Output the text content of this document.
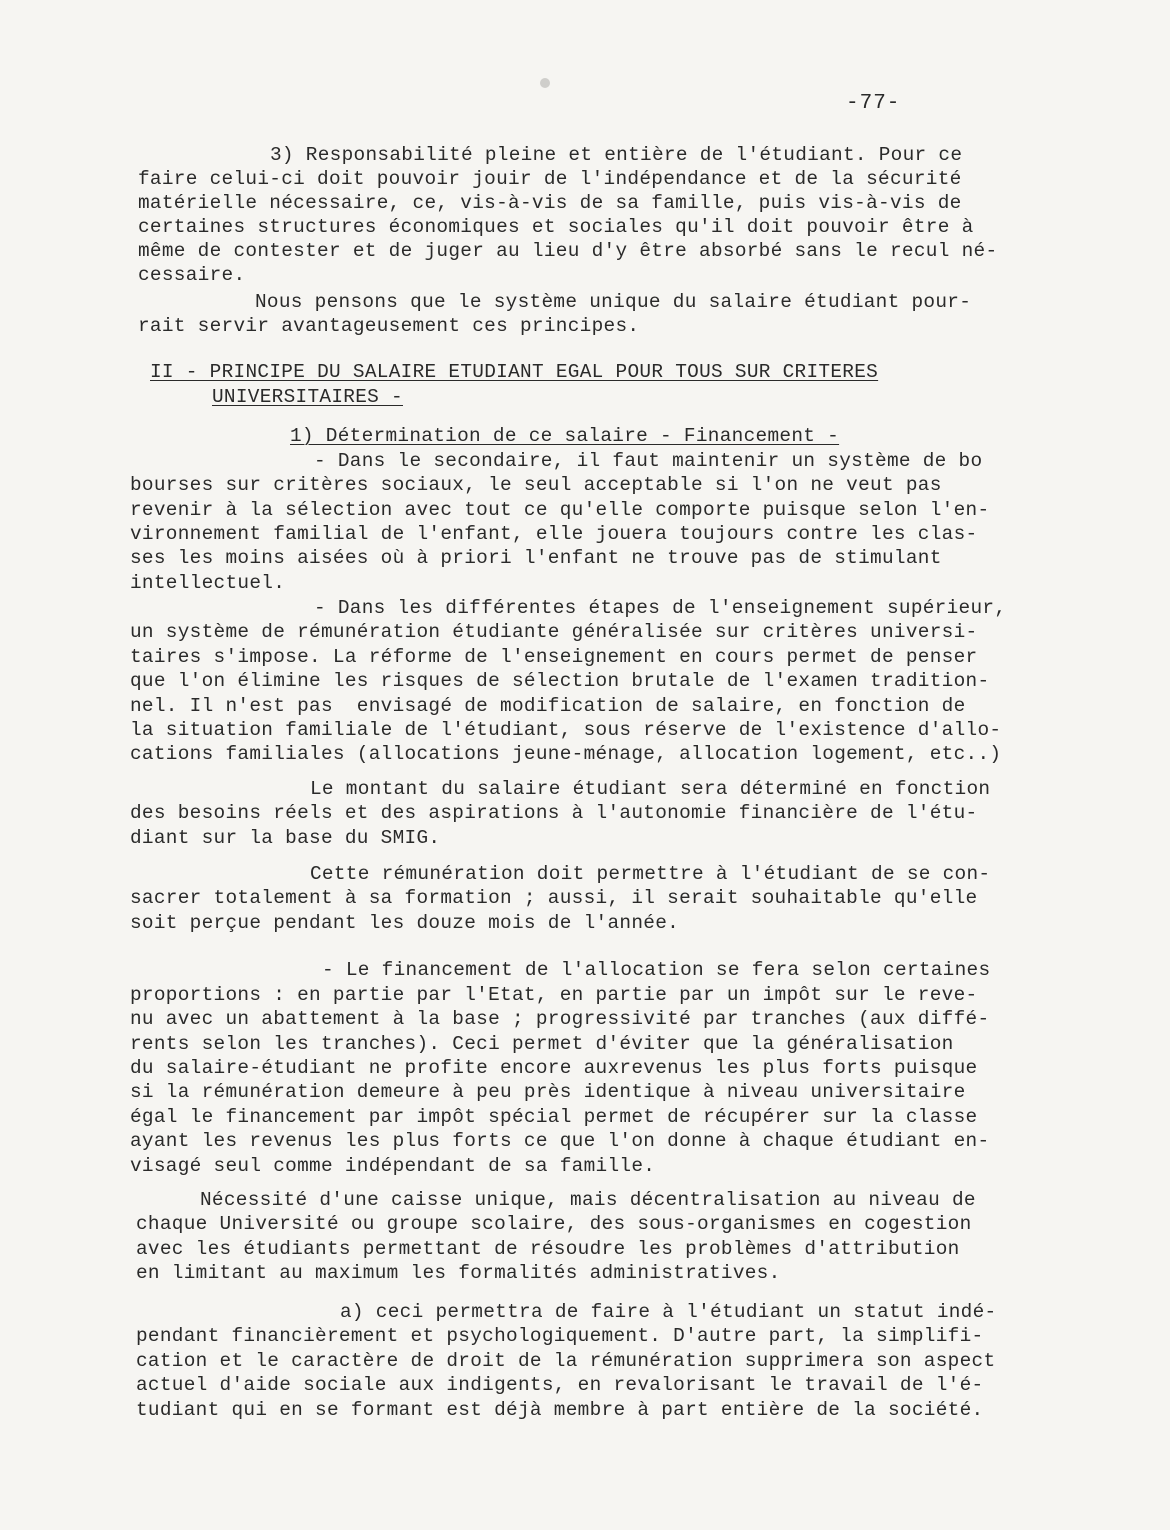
-77-
3) Responsabilité pleine et entière de l'étudiant. Pour ce
faire celui-ci doit pouvoir jouir de l'indépendance et de la sécurité
matérielle nécessaire, ce, vis-à-vis de sa famille, puis vis-à-vis de
certaines structures économiques et sociales qu'il doit pouvoir être à
même de contester et de juger au lieu d'y être absorbé sans le recul né-
cessaire.
Nous pensons que le système unique du salaire étudiant pour-
rait servir avantageusement ces principes.
II - PRINCIPE DU SALAIRE ETUDIANT EGAL POUR TOUS SUR CRITERES
UNIVERSITAIRES -
1) Détermination de ce salaire - Financement -
- Dans le secondaire, il faut maintenir un système de bo
bourses sur critères sociaux, le seul acceptable si l'on ne veut pas
revenir à la sélection avec tout ce qu'elle comporte puisque selon l'en-
vironnement familial de l'enfant, elle jouera toujours contre les clas-
ses les moins aisées où à priori l'enfant ne trouve pas de stimulant
intellectuel.
- Dans les différentes étapes de l'enseignement supérieur,
un système de rémunération étudiante généralisée sur critères universi-
taires s'impose. La réforme de l'enseignement en cours permet de penser
que l'on élimine les risques de sélection brutale de l'examen tradition-
nel. Il n'est pas  envisagé de modification de salaire, en fonction de
la situation familiale de l'étudiant, sous réserve de l'existence d'allo-
cations familiales (allocations jeune-ménage, allocation logement, etc..)
Le montant du salaire étudiant sera déterminé en fonction
des besoins réels et des aspirations à l'autonomie financière de l'étu-
diant sur la base du SMIG.
Cette rémunération doit permettre à l'étudiant de se con-
sacrer totalement à sa formation ; aussi, il serait souhaitable qu'elle
soit perçue pendant les douze mois de l'année.
- Le financement de l'allocation se fera selon certaines
proportions : en partie par l'Etat, en partie par un impôt sur le reve-
nu avec un abattement à la base ; progressivité par tranches (aux diffé-
rents selon les tranches). Ceci permet d'éviter que la généralisation
du salaire-étudiant ne profite encore auxrevenus les plus forts puisque
si la rémunération demeure à peu près identique à niveau universitaire
égal le financement par impôt spécial permet de récupérer sur la classe
ayant les revenus les plus forts ce que l'on donne à chaque étudiant en-
visagé seul comme indépendant de sa famille.
Nécessité d'une caisse unique, mais décentralisation au niveau de
chaque Université ou groupe scolaire, des sous-organismes en cogestion
avec les étudiants permettant de résoudre les problèmes d'attribution
en limitant au maximum les formalités administratives.
a) ceci permettra de faire à l'étudiant un statut indé-
pendant financièrement et psychologiquement. D'autre part, la simplifi-
cation et le caractère de droit de la rémunération supprimera son aspect
actuel d'aide sociale aux indigents, en revalorisant le travail de l'é-
tudiant qui en se formant est déjà membre à part entière de la société.
